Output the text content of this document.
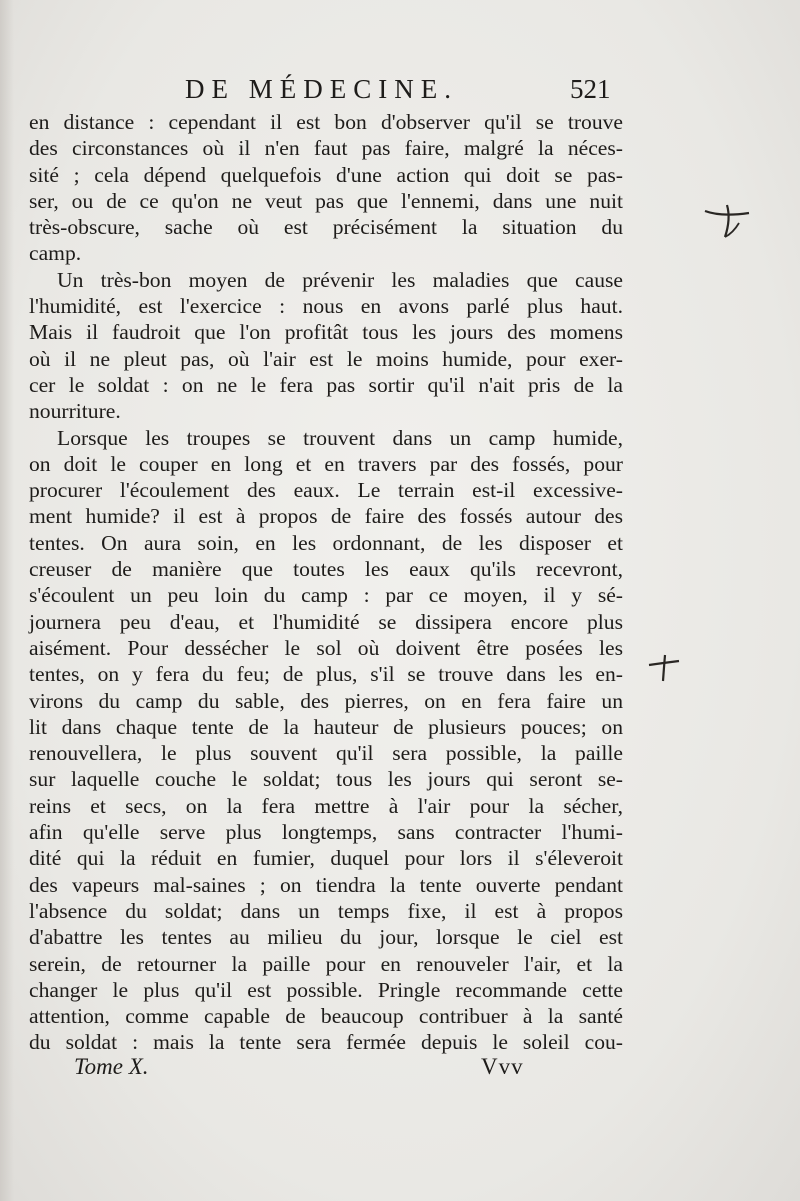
DE MÉDECINE.	521
en distance : cependant il est bon d'observer qu'il se trouve
des circonstances où il n'en faut pas faire, malgré la néces-
sité ; cela dépend quelquefois d'une action qui doit se pas-
ser, ou de ce qu'on ne veut pas que l'ennemi, dans une nuit
très-obscure, sache où est précisément la situation du
camp.
Un très-bon moyen de prévenir les maladies que cause
l'humidité, est l'exercice : nous en avons parlé plus haut.
Mais il faudroit que l'on profitât tous les jours des momens
où il ne pleut pas, où l'air est le moins humide, pour exer-
cer le soldat : on ne le fera pas sortir qu'il n'ait pris de la
nourriture.
Lorsque les troupes se trouvent dans un camp humide,
on doit le couper en long et en travers par des fossés, pour
procurer l'écoulement des eaux. Le terrain est-il excessive-
ment humide? il est à propos de faire des fossés autour des
tentes. On aura soin, en les ordonnant, de les disposer et
creuser de manière que toutes les eaux qu'ils recevront,
s'écoulent un peu loin du camp : par ce moyen, il y sé-
journera peu d'eau, et l'humidité se dissipera encore plus
aisément. Pour dessécher le sol où doivent être posées les
tentes, on y fera du feu; de plus, s'il se trouve dans les en-
virons du camp du sable, des pierres, on en fera faire un
lit dans chaque tente de la hauteur de plusieurs pouces; on
renouvellera, le plus souvent qu'il sera possible, la paille
sur laquelle couche le soldat; tous les jours qui seront se-
reins et secs, on la fera mettre à l'air pour la sécher,
afin qu'elle serve plus longtemps, sans contracter l'humi-
dité qui la réduit en fumier, duquel pour lors il s'éleveroit
des vapeurs mal-saines ; on tiendra la tente ouverte pendant
l'absence du soldat; dans un temps fixe, il est à propos
d'abattre les tentes au milieu du jour, lorsque le ciel est
serein, de retourner la paille pour en renouveler l'air, et la
changer le plus qu'il est possible. Pringle recommande cette
attention, comme capable de beaucoup contribuer à la santé
du soldat : mais la tente sera fermée depuis le soleil cou-
Tome X.	Vvv
